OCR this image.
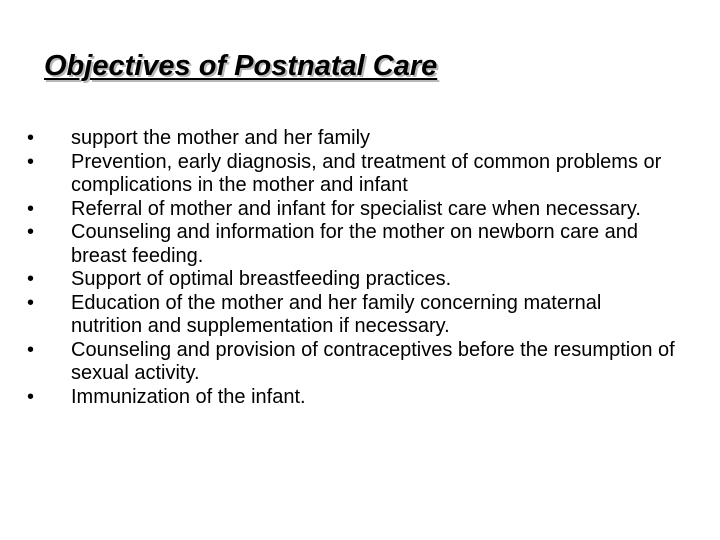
Objectives of Postnatal Care
•	support the mother and her family
•	Prevention, early diagnosis, and treatment of common problems or complications in the mother and infant
•	Referral of mother and infant for specialist care when necessary.
•	Counseling and information for the mother on newborn care and   breast feeding.
•	Support of optimal breastfeeding practices.
•	Education of the mother and her family concerning maternal nutrition and supplementation if necessary.
•	Counseling and provision of contraceptives before the resumption of sexual activity.
•	Immunization of the infant.
